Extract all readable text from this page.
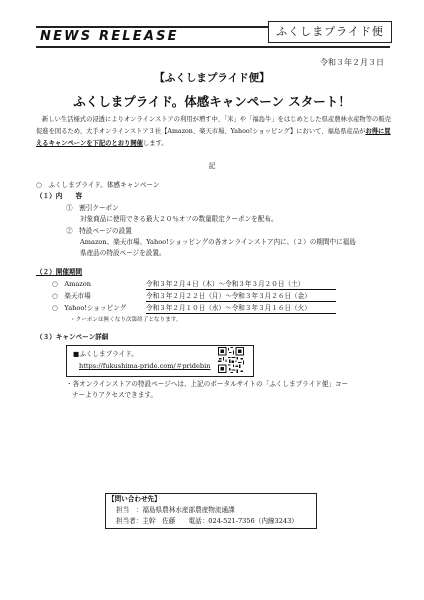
NEWS RELEASE	ふくしまプライド便
令和３年２月３日
【ふくしまプライド便】
ふくしまプライド。体感キャンペーン スタート！
新しい生活様式の浸透によりオンラインストアの利用が増す中、「米」や「福島牛」をはじめとした県産農林水産物等の販売促進を図るため、大手オンラインストア３社【Amazon、楽天市場、Yahoo!ショッピング】において、福島県産品がお得に買えるキャンペーンを下記のとおり開催します。
記
○　ふくしまプライド。体感キャンペーン
（１）内　　容
①　割引クーポン
対象商品に使用できる最大２０％オフの数量限定クーポンを配布。
②　特設ページの設置
Amazon、楽天市場、Yahoo!ショッピングの各オンラインストア内に、（２）の期間中に福島
県産品の特設ページを設置。
（２）開催期間
○　Amazon	令和３年２月４日（木）～令和３年３月２０日（土）
○　楽天市場	令和３年２月２２日（月）～令和３年３月２６日（金）
○　Yahoo!ショッピング	令和３年２月１０日（水）～令和３年３月１６日（火）
・クーポンは無くなり次第終了となります。
（３）キャンペーン詳細
■ふくしまプライド。
https://fukushima-pride.com/＃pridebin
・各オンラインストアの特設ページへは、上記のポータルサイトの「ふくしまプライド便」コー
ナーよりアクセスできます。
【問い合わせ先】
担当　：福島県農林水産部農産物流通課
担当者：主幹　佐藤　　電話：024-521-7356（内線3243）
